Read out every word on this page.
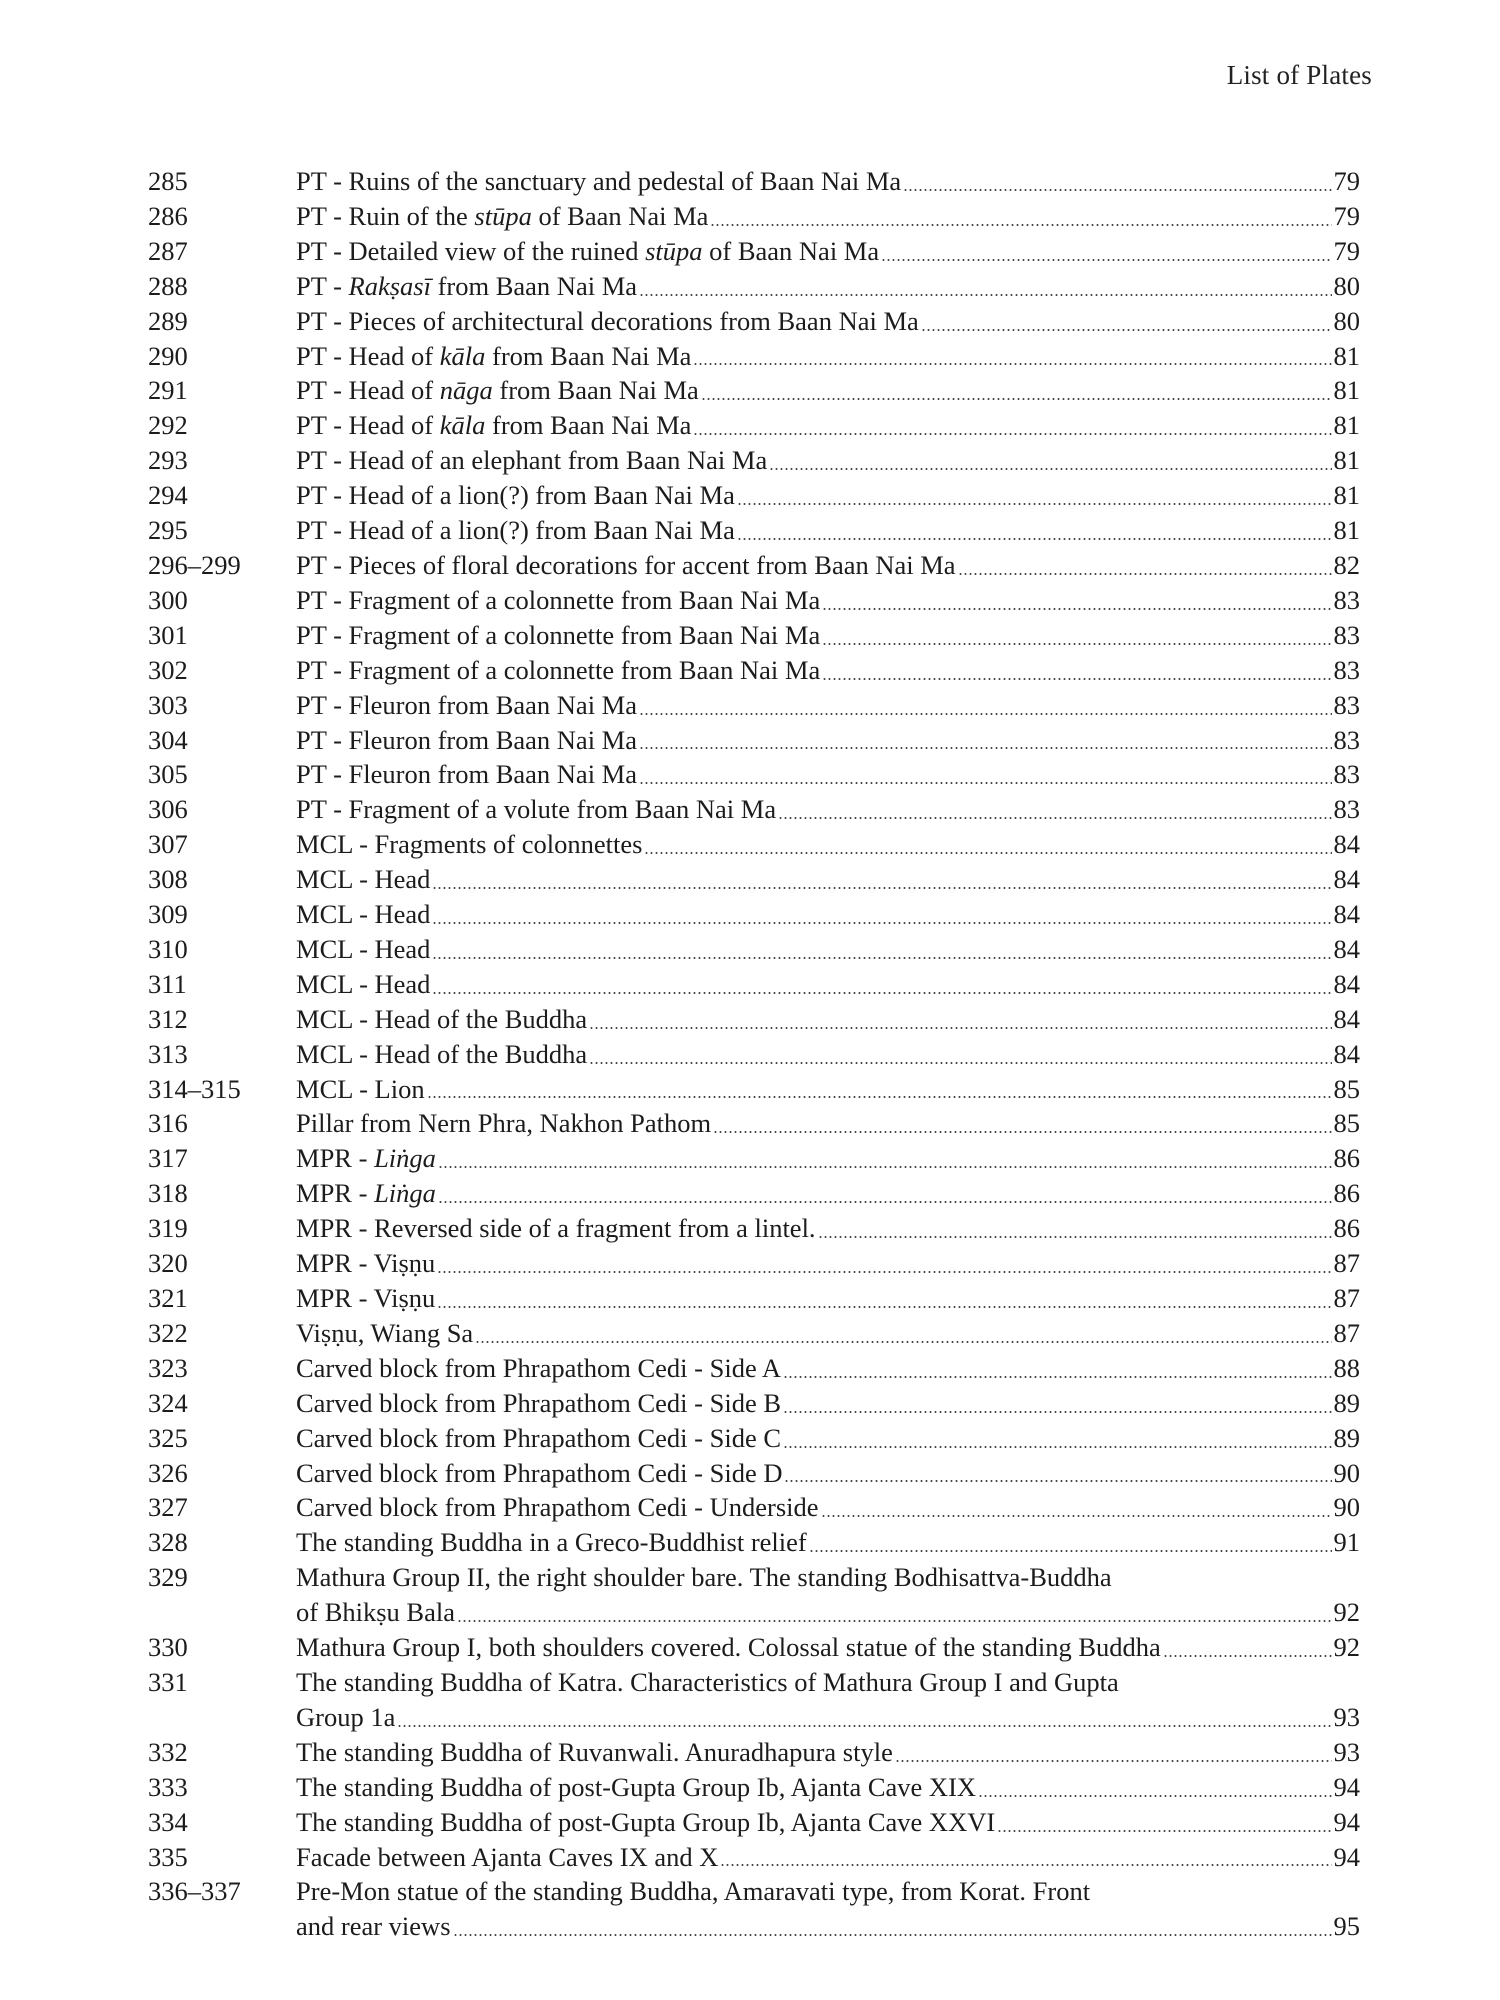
List of Plates
285	PT - Ruins of the sanctuary and pedestal of Baan Nai Ma	79
286	PT - Ruin of the stūpa of Baan Nai Ma	79
287	PT - Detailed view of the ruined stūpa of Baan Nai Ma	79
288	PT - Rakṣasī from Baan Nai Ma	80
289	PT - Pieces of architectural decorations from Baan Nai Ma	80
290	PT - Head of kāla from Baan Nai Ma	81
291	PT - Head of nāga from Baan Nai Ma	81
292	PT - Head of kāla from Baan Nai Ma	81
293	PT - Head of an elephant from Baan Nai Ma	81
294	PT - Head of a lion(?) from Baan Nai Ma	81
295	PT - Head of a lion(?) from Baan Nai Ma	81
296–299	PT - Pieces of floral decorations for accent from Baan Nai Ma	82
300	PT - Fragment of a colonnette from Baan Nai Ma	83
301	PT - Fragment of a colonnette from Baan Nai Ma	83
302	PT - Fragment of a colonnette from Baan Nai Ma	83
303	PT - Fleuron from Baan Nai Ma	83
304	PT - Fleuron from Baan Nai Ma	83
305	PT - Fleuron from Baan Nai Ma	83
306	PT - Fragment of a volute from Baan Nai Ma	83
307	MCL - Fragments of colonnettes	84
308	MCL - Head	84
309	MCL - Head	84
310	MCL - Head	84
311	MCL - Head	84
312	MCL - Head of the Buddha	84
313	MCL - Head of the Buddha	84
314–315	MCL - Lion	85
316	Pillar from Nern Phra, Nakhon Pathom	85
317	MPR - Liṅga	86
318	MPR - Liṅga	86
319	MPR - Reversed side of a fragment from a lintel.	86
320	MPR - Viṣṇu	87
321	MPR - Viṣṇu	87
322	Viṣṇu, Wiang Sa	87
323	Carved block from Phrapathom Cedi - Side A	88
324	Carved block from Phrapathom Cedi - Side B	89
325	Carved block from Phrapathom Cedi - Side C	89
326	Carved block from Phrapathom Cedi - Side D	90
327	Carved block from Phrapathom Cedi - Underside	90
328	The standing Buddha in a Greco-Buddhist relief	91
329	Mathura Group II, the right shoulder bare. The standing Bodhisattva-Buddha
of Bhikṣu Bala	92
330	Mathura Group I, both shoulders covered. Colossal statue of the standing Buddha	92
331	The standing Buddha of Katra. Characteristics of Mathura Group I and Gupta
Group 1a	93
332	The standing Buddha of Ruvanwali. Anuradhapura style	93
333	The standing Buddha of post-Gupta Group Ib, Ajanta Cave XIX	94
334	The standing Buddha of post-Gupta Group Ib, Ajanta Cave XXVI	94
335	Facade between Ajanta Caves IX and X	94
336–337	Pre-Mon statue of the standing Buddha, Amaravati type, from Korat. Front
and rear views	95
